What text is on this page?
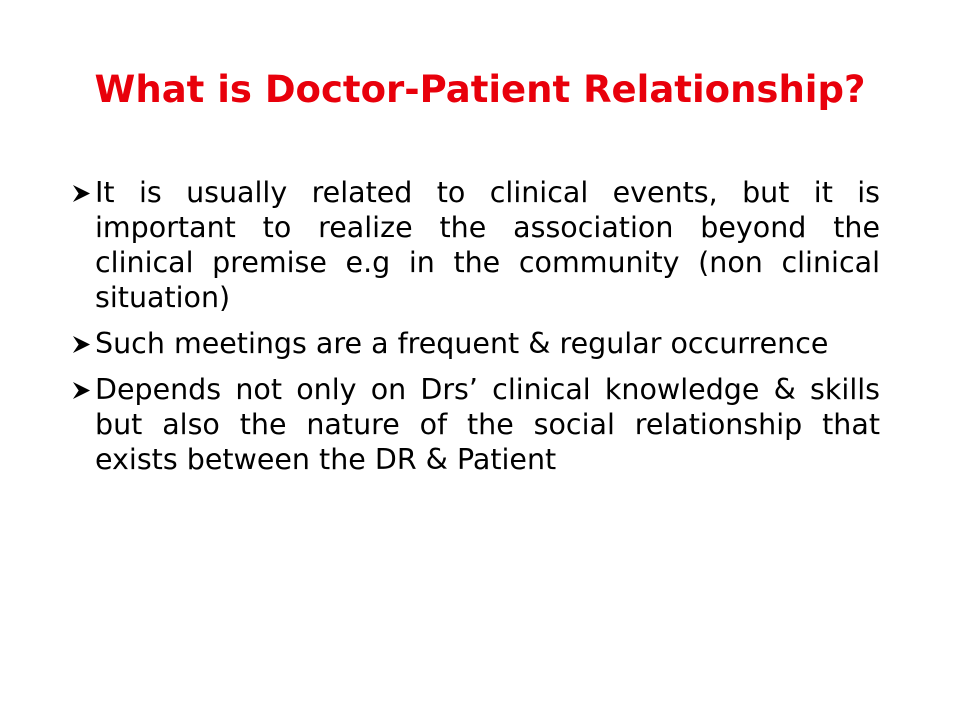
What is Doctor-Patient Relationship?
It is usually related to clinical events, but it is important to realize the association beyond the clinical premise e.g in the community (non clinical situation)
Such meetings are a frequent & regular occurrence
Depends not only on Drs’ clinical knowledge & skills but also the nature of the social relationship that exists between the DR & Patient
